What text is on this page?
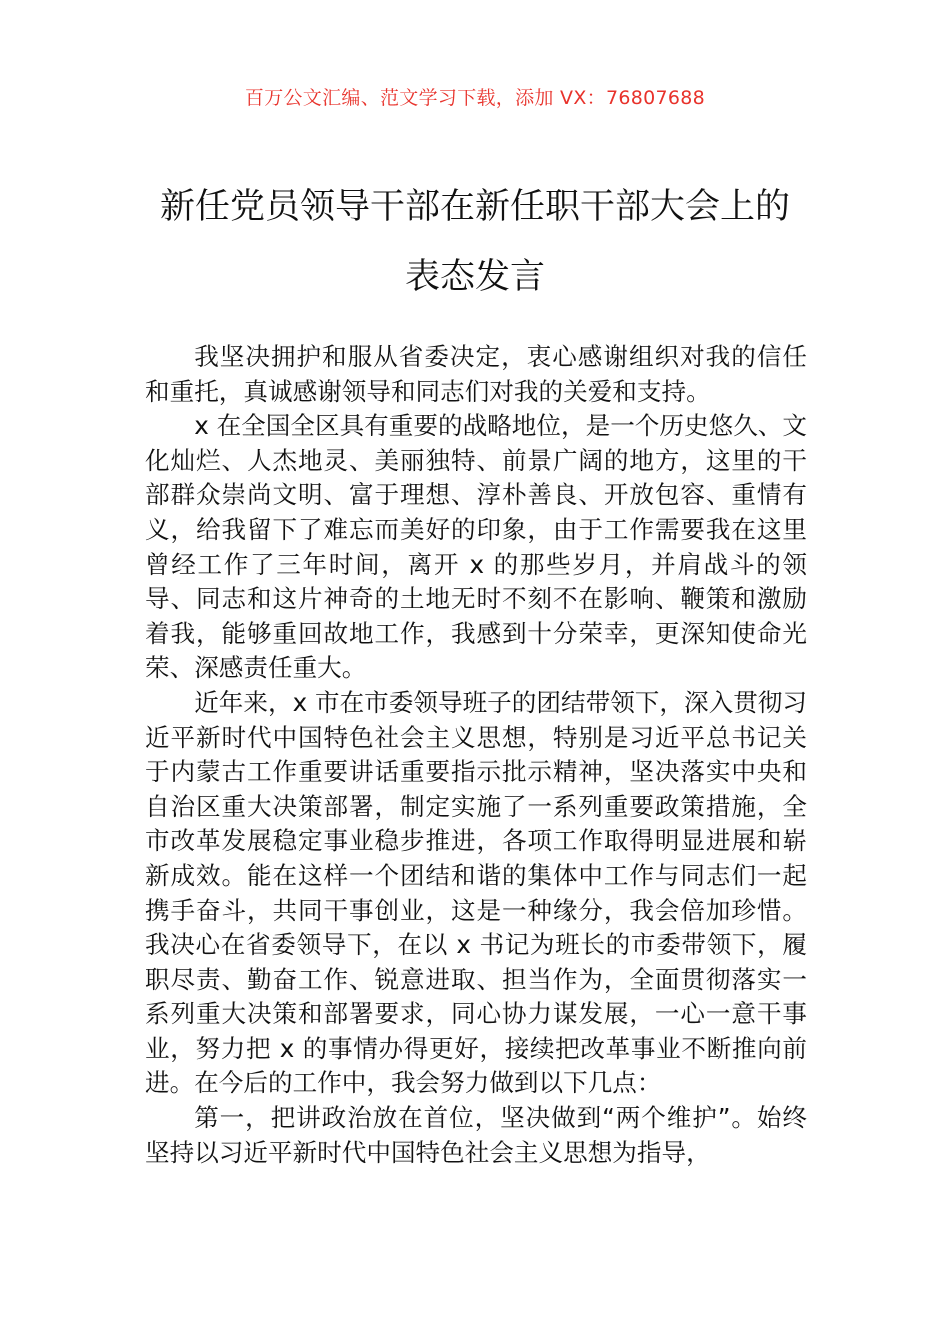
百万公文汇编、范文学习下载，添加 VX：76807688
新任党员领导干部在新任职干部大会上的
表态发言

我坚决拥护和服从省委决定，衷心感谢组织对我的信任和重托，真诚感谢领导和同志们对我的关爱和支持。

x 在全国全区具有重要的战略地位，是一个历史悠久、文化灿烂、人杰地灵、美丽独特、前景广阔的地方，这里的干部群众崇尚文明、富于理想、淳朴善良、开放包容、重情有义，给我留下了难忘而美好的印象，由于工作需要我在这里曾经工作了三年时间，离开 x 的那些岁月，并肩战斗的领导、同志和这片神奇的土地无时不刻不在影响、鞭策和激励着我，能够重回故地工作，我感到十分荣幸，更深知使命光荣、深感责任重大。

近年来，x 市在市委领导班子的团结带领下，深入贯彻习近平新时代中国特色社会主义思想，特别是习近平总书记关于内蒙古工作重要讲话重要指示批示精神，坚决落实中央和自治区重大决策部署，制定实施了一系列重要政策措施，全市改革发展稳定事业稳步推进，各项工作取得明显进展和崭新成效。能在这样一个团结和谐的集体中工作与同志们一起携手奋斗，共同干事创业，这是一种缘分，我会倍加珍惜。我决心在省委领导下，在以 x 书记为班长的市委带领下，履职尽责、勤奋工作、锐意进取、担当作为，全面贯彻落实一系列重大决策和部署要求，同心协力谋发展，一心一意干事业，努力把 x 的事情办得更好，接续把改革事业不断推向前进。在今后的工作中，我会努力做到以下几点：

第一，把讲政治放在首位，坚决做到“两个维护”。始终坚持以习近平新时代中国特色社会主义思想为指导，
